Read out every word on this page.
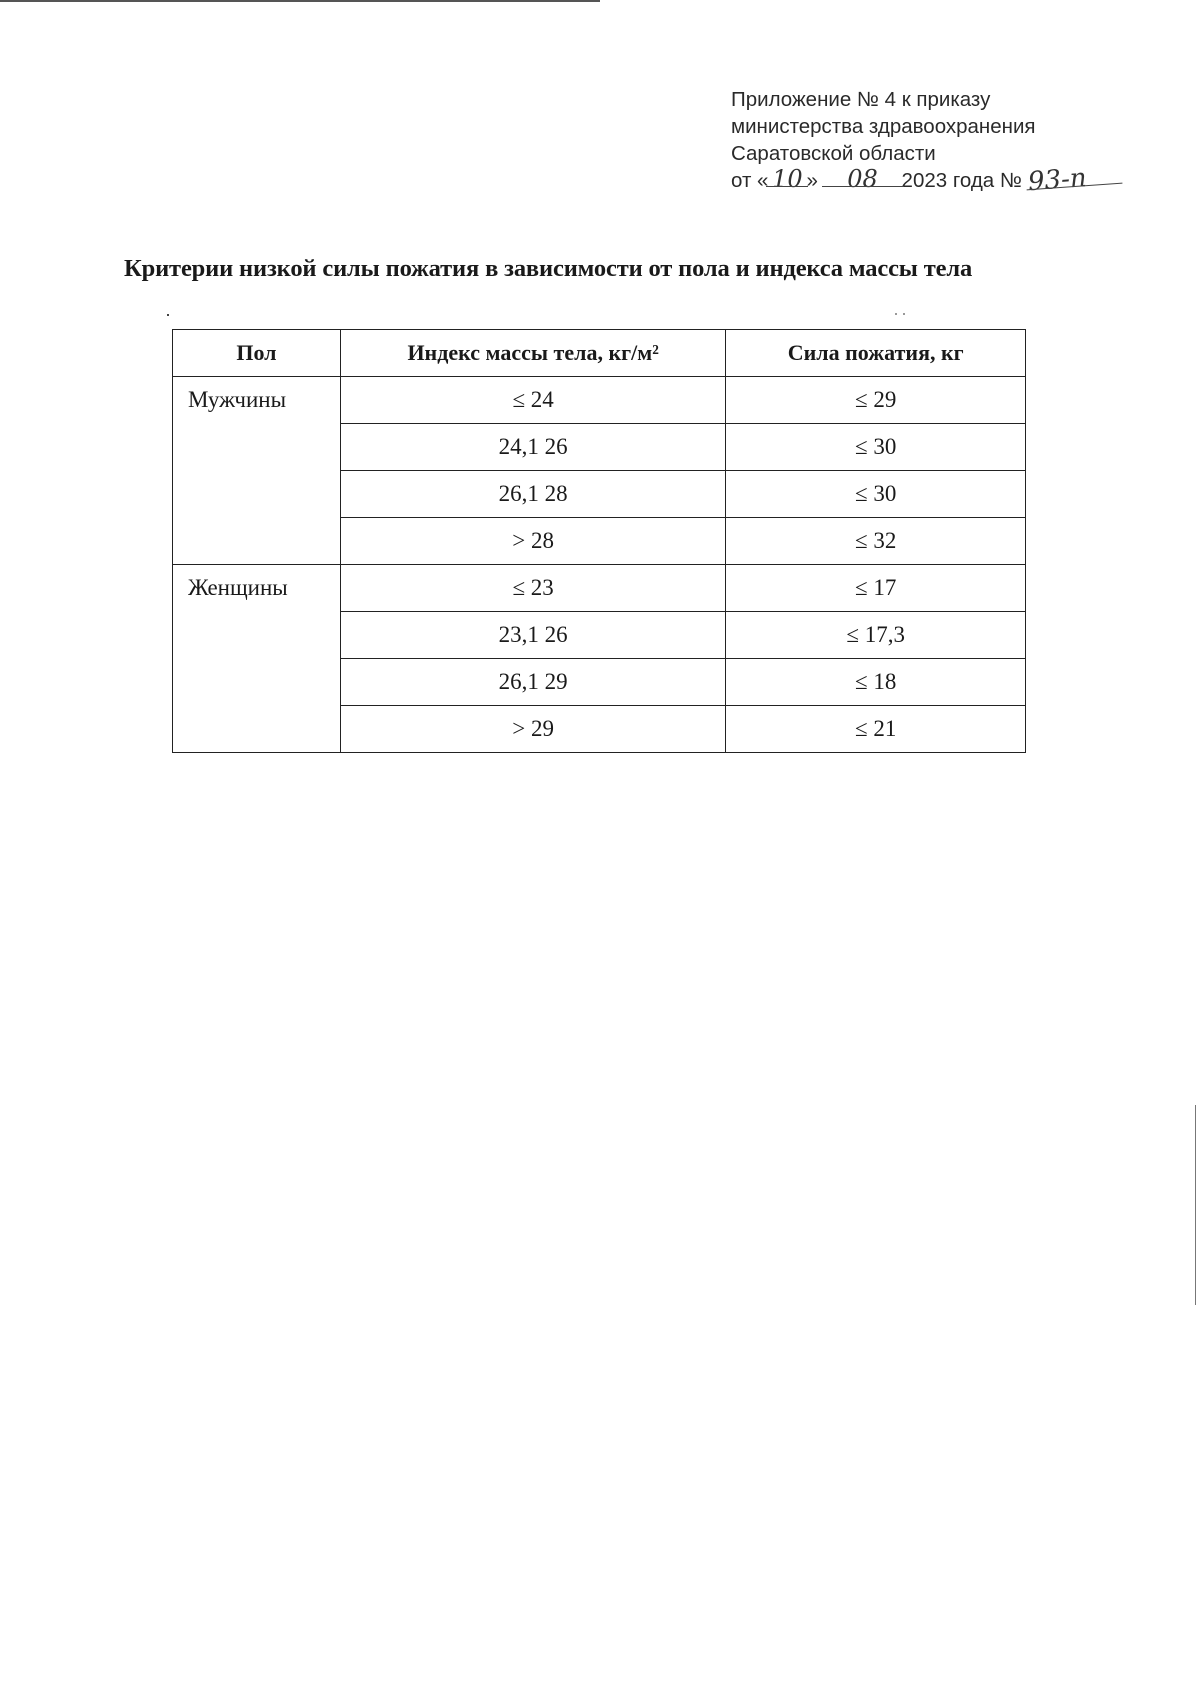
Приложение № 4 к приказу
министерства здравоохранения
Саратовской области
от « 10 » 08 2023 года № 93-п
Критерии низкой силы пожатия в зависимости от пола и индекса массы тела
Пол	Индекс массы тела, кг/м²	Сила пожатия, кг
Мужчины	≤ 24	≤ 29
	24,1 26	≤ 30
	26,1 28	≤ 30
	> 28	≤ 32
Женщины	≤ 23	≤ 17
	23,1 26	≤ 17,3
	26,1 29	≤ 18
	> 29	≤ 21
